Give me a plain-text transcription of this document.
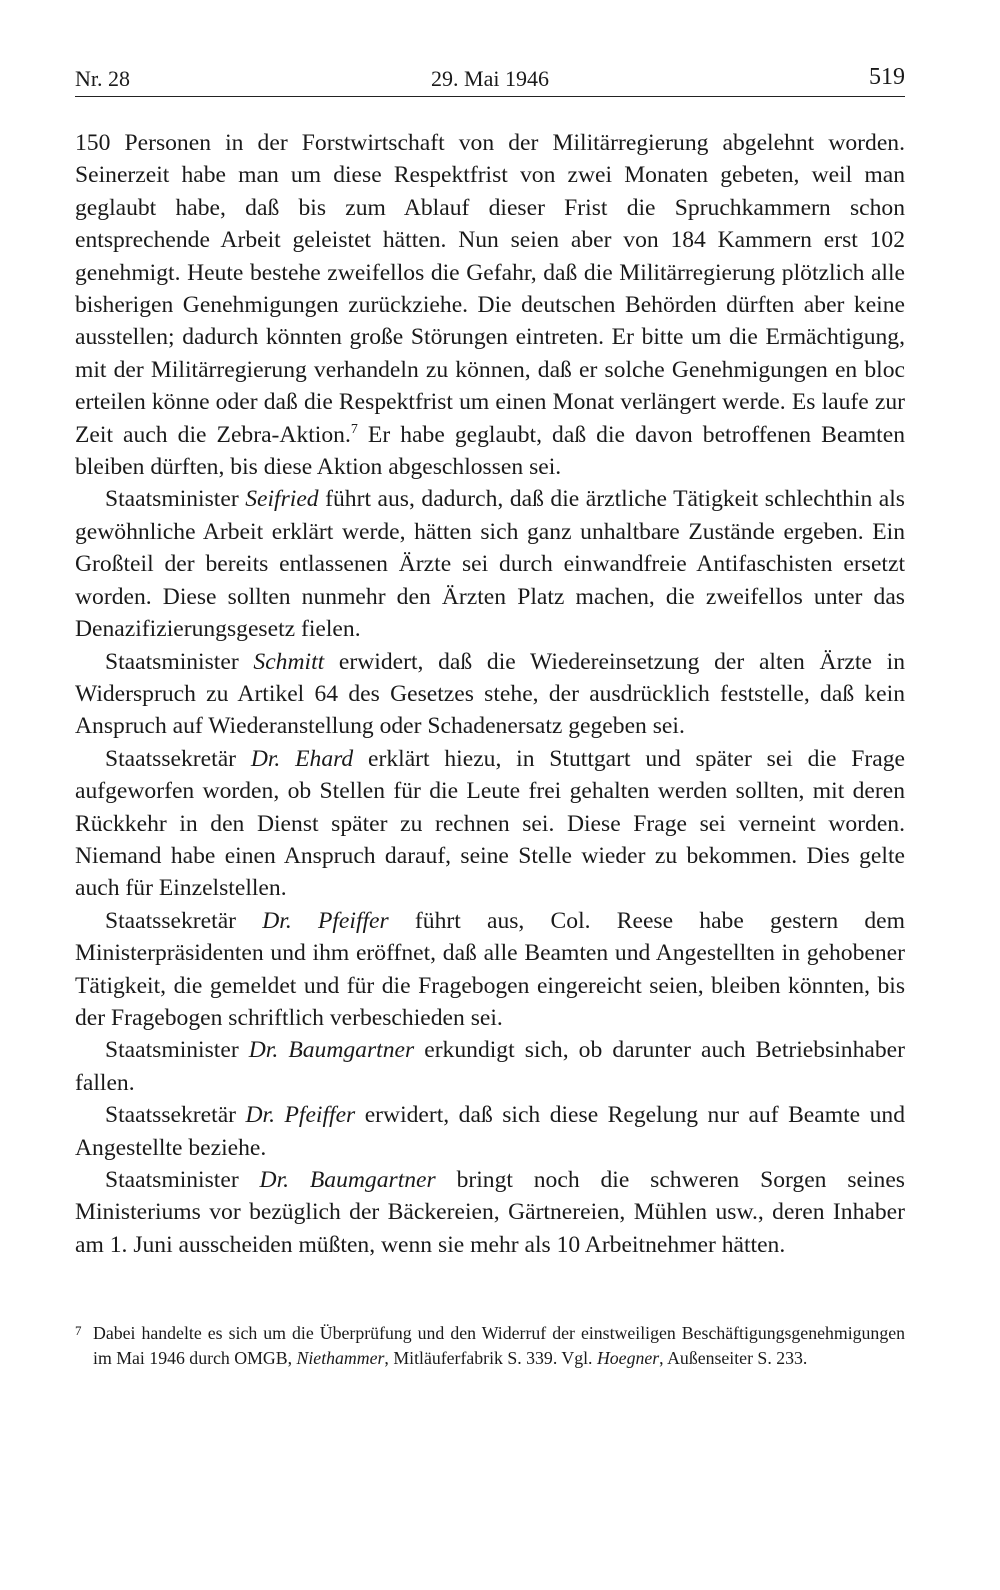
Nr. 28	29. Mai 1946	519

150 Personen in der Forstwirtschaft von der Militärregierung abgelehnt worden. Seinerzeit habe man um diese Respektfrist von zwei Monaten gebeten, weil man geglaubt habe, daß bis zum Ablauf dieser Frist die Spruchkammern schon entsprechende Arbeit geleistet hätten. Nun seien aber von 184 Kammern erst 102 genehmigt. Heute bestehe zweifellos die Gefahr, daß die Militärregierung plötzlich alle bisherigen Genehmigungen zurückziehe. Die deutschen Behörden dürften aber keine ausstellen; dadurch könnten große Störungen eintreten. Er bitte um die Ermächtigung, mit der Militärregierung verhandeln zu können, daß er solche Genehmigungen en bloc erteilen könne oder daß die Respektfrist um einen Monat verlängert werde. Es laufe zur Zeit auch die Zebra-Aktion.$^7$ Er habe geglaubt, daß die davon betroffenen Beamten bleiben dürften, bis diese Aktion abgeschlossen sei.

Staatsminister Seifried führt aus, dadurch, daß die ärztliche Tätigkeit schlechthin als gewöhnliche Arbeit erklärt werde, hätten sich ganz unhaltbare Zustände ergeben. Ein Großteil der bereits entlassenen Ärzte sei durch einwandfreie Antifaschisten ersetzt worden. Diese sollten nunmehr den Ärzten Platz machen, die zweifellos unter das Denazifizierungsgesetz fielen.

Staatsminister Schmitt erwidert, daß die Wiedereinsetzung der alten Ärzte in Widerspruch zu Artikel 64 des Gesetzes stehe, der ausdrücklich feststelle, daß kein Anspruch auf Wiederanstellung oder Schadenersatz gegeben sei.

Staatssekretär Dr. Ehard erklärt hiezu, in Stuttgart und später sei die Frage aufgeworfen worden, ob Stellen für die Leute frei gehalten werden sollten, mit deren Rückkehr in den Dienst später zu rechnen sei. Diese Frage sei verneint worden. Niemand habe einen Anspruch darauf, seine Stelle wieder zu bekommen. Dies gelte auch für Einzelstellen.

Staatssekretär Dr. Pfeiffer führt aus, Col. Reese habe gestern dem Ministerpräsidenten und ihm eröffnet, daß alle Beamten und Angestellten in gehobener Tätigkeit, die gemeldet und für die Fragebogen eingereicht seien, bleiben könnten, bis der Fragebogen schriftlich verbeschieden sei.

Staatsminister Dr. Baumgartner erkundigt sich, ob darunter auch Betriebsinhaber fallen.

Staatssekretär Dr. Pfeiffer erwidert, daß sich diese Regelung nur auf Beamte und Angestellte beziehe.

Staatsminister Dr. Baumgartner bringt noch die schweren Sorgen seines Ministeriums vor bezüglich der Bäckereien, Gärtnereien, Mühlen usw., deren Inhaber am 1. Juni ausscheiden müßten, wenn sie mehr als 10 Arbeitnehmer hätten.

7 Dabei handelte es sich um die Überprüfung und den Widerruf der einstweiligen Beschäftigungsgenehmigungen im Mai 1946 durch OMGB, Niethammer, Mitläuferfabrik S. 339. Vgl. Hoegner, Außenseiter S. 233.
